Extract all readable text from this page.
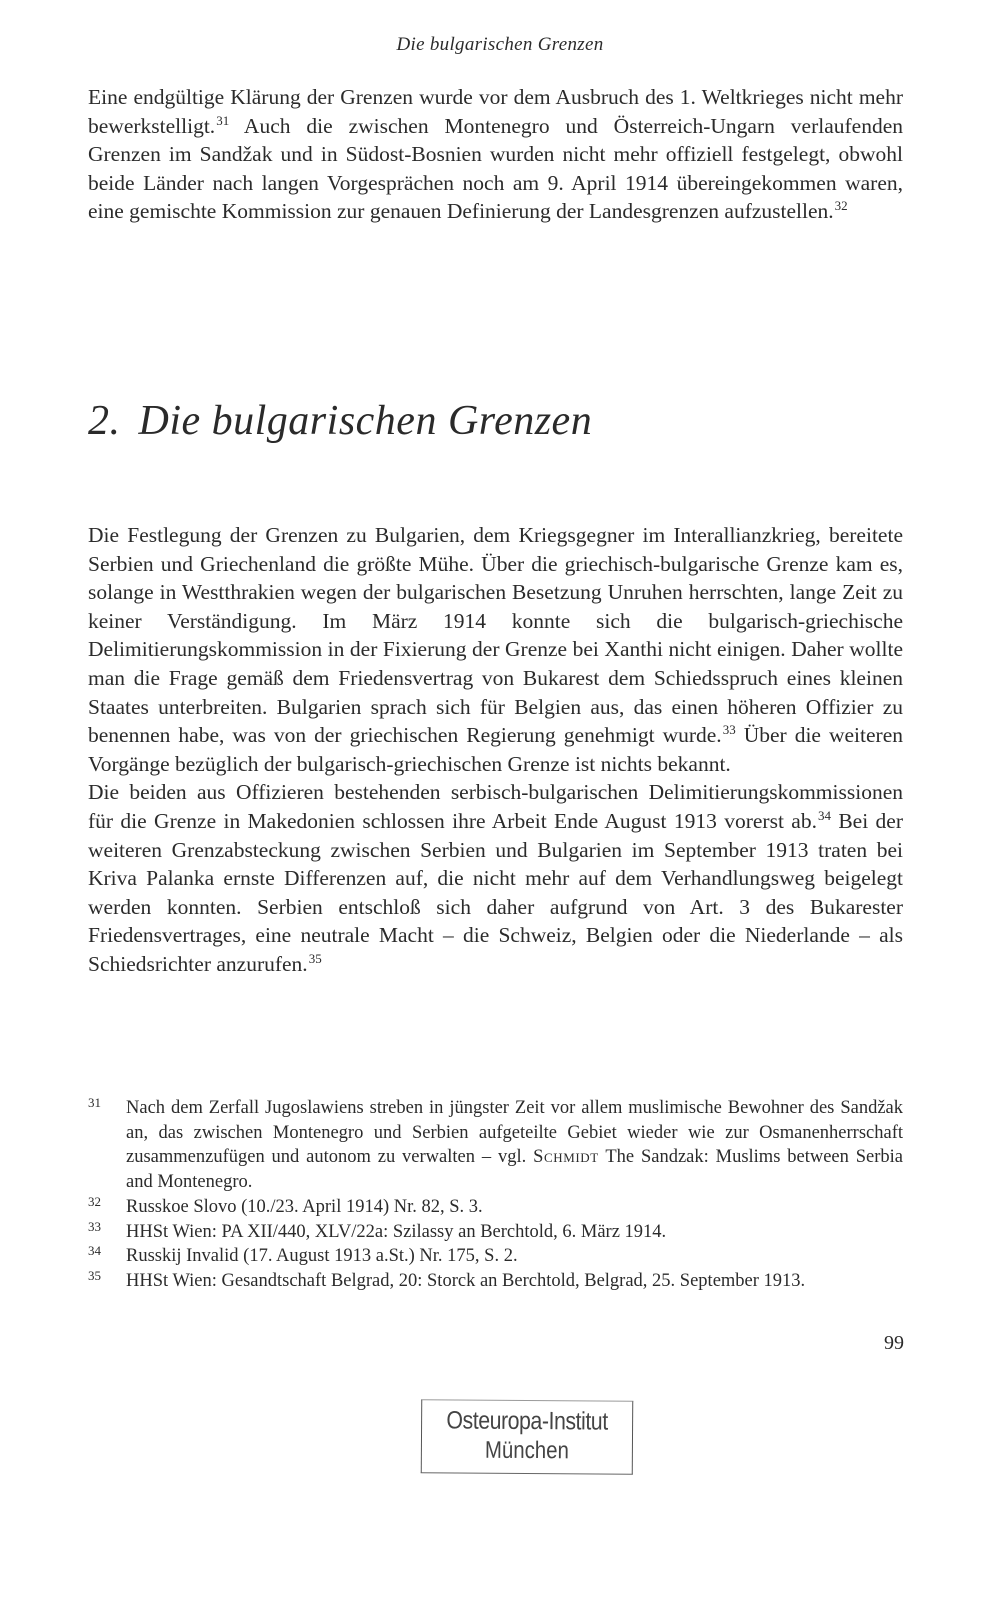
Die bulgarischen Grenzen

Eine endgültige Klärung der Grenzen wurde vor dem Ausbruch des 1. Weltkrieges nicht mehr bewerkstelligt.$^{31}$ Auch die zwischen Montenegro und Österreich-Ungarn verlaufenden Grenzen im Sandžak und in Südost-Bosnien wurden nicht mehr offiziell festgelegt, obwohl beide Länder nach langen Vorgesprächen noch am 9. April 1914 übereingekommen waren, eine gemischte Kommission zur genauen Definierung der Landesgrenzen aufzustellen.$^{32}$

2. Die bulgarischen Grenzen

Die Festlegung der Grenzen zu Bulgarien, dem Kriegsgegner im Interallianzkrieg, bereitete Serbien und Griechenland die größte Mühe. Über die griechisch-bulgarische Grenze kam es, solange in Westthrakien wegen der bulgarischen Besetzung Unruhen herrschten, lange Zeit zu keiner Verständigung. Im März 1914 konnte sich die bulgarisch-griechische Delimitierungskommission in der Fixierung der Grenze bei Xanthi nicht einigen. Daher wollte man die Frage gemäß dem Friedensvertrag von Bukarest dem Schiedsspruch eines kleinen Staates unterbreiten. Bulgarien sprach sich für Belgien aus, das einen höheren Offizier zu benennen habe, was von der griechischen Regierung genehmigt wurde.$^{33}$ Über die weiteren Vorgänge bezüglich der bulgarisch-griechischen Grenze ist nichts bekannt.

Die beiden aus Offizieren bestehenden serbisch-bulgarischen Delimitierungskommissionen für die Grenze in Makedonien schlossen ihre Arbeit Ende August 1913 vorerst ab.$^{34}$ Bei der weiteren Grenzabsteckung zwischen Serbien und Bulgarien im September 1913 traten bei Kriva Palanka ernste Differenzen auf, die nicht mehr auf dem Verhandlungsweg beigelegt werden konnten. Serbien entschloß sich daher aufgrund von Art. 3 des Bukarester Friedensvertrages, eine neutrale Macht – die Schweiz, Belgien oder die Niederlande – als Schiedsrichter anzurufen.$^{35}$

31 Nach dem Zerfall Jugoslawiens streben in jüngster Zeit vor allem muslimische Bewohner des Sandžak an, das zwischen Montenegro und Serbien aufgeteilte Gebiet wieder wie zur Osmanenherrschaft zusammenzufügen und autonom zu verwalten – vgl. Schmidt The Sandzak: Muslims between Serbia and Montenegro.
32 Russkoe Slovo (10./23. April 1914) Nr. 82, S. 3.
33 HHSt Wien: PA XII/440, XLV/22a: Szilassy an Berchtold, 6. März 1914.
34 Russkij Invalid (17. August 1913 a.St.) Nr. 175, S. 2.
35 HHSt Wien: Gesandtschaft Belgrad, 20: Storck an Berchtold, Belgrad, 25. September 1913.
99
Osteuropa-Institut
München
